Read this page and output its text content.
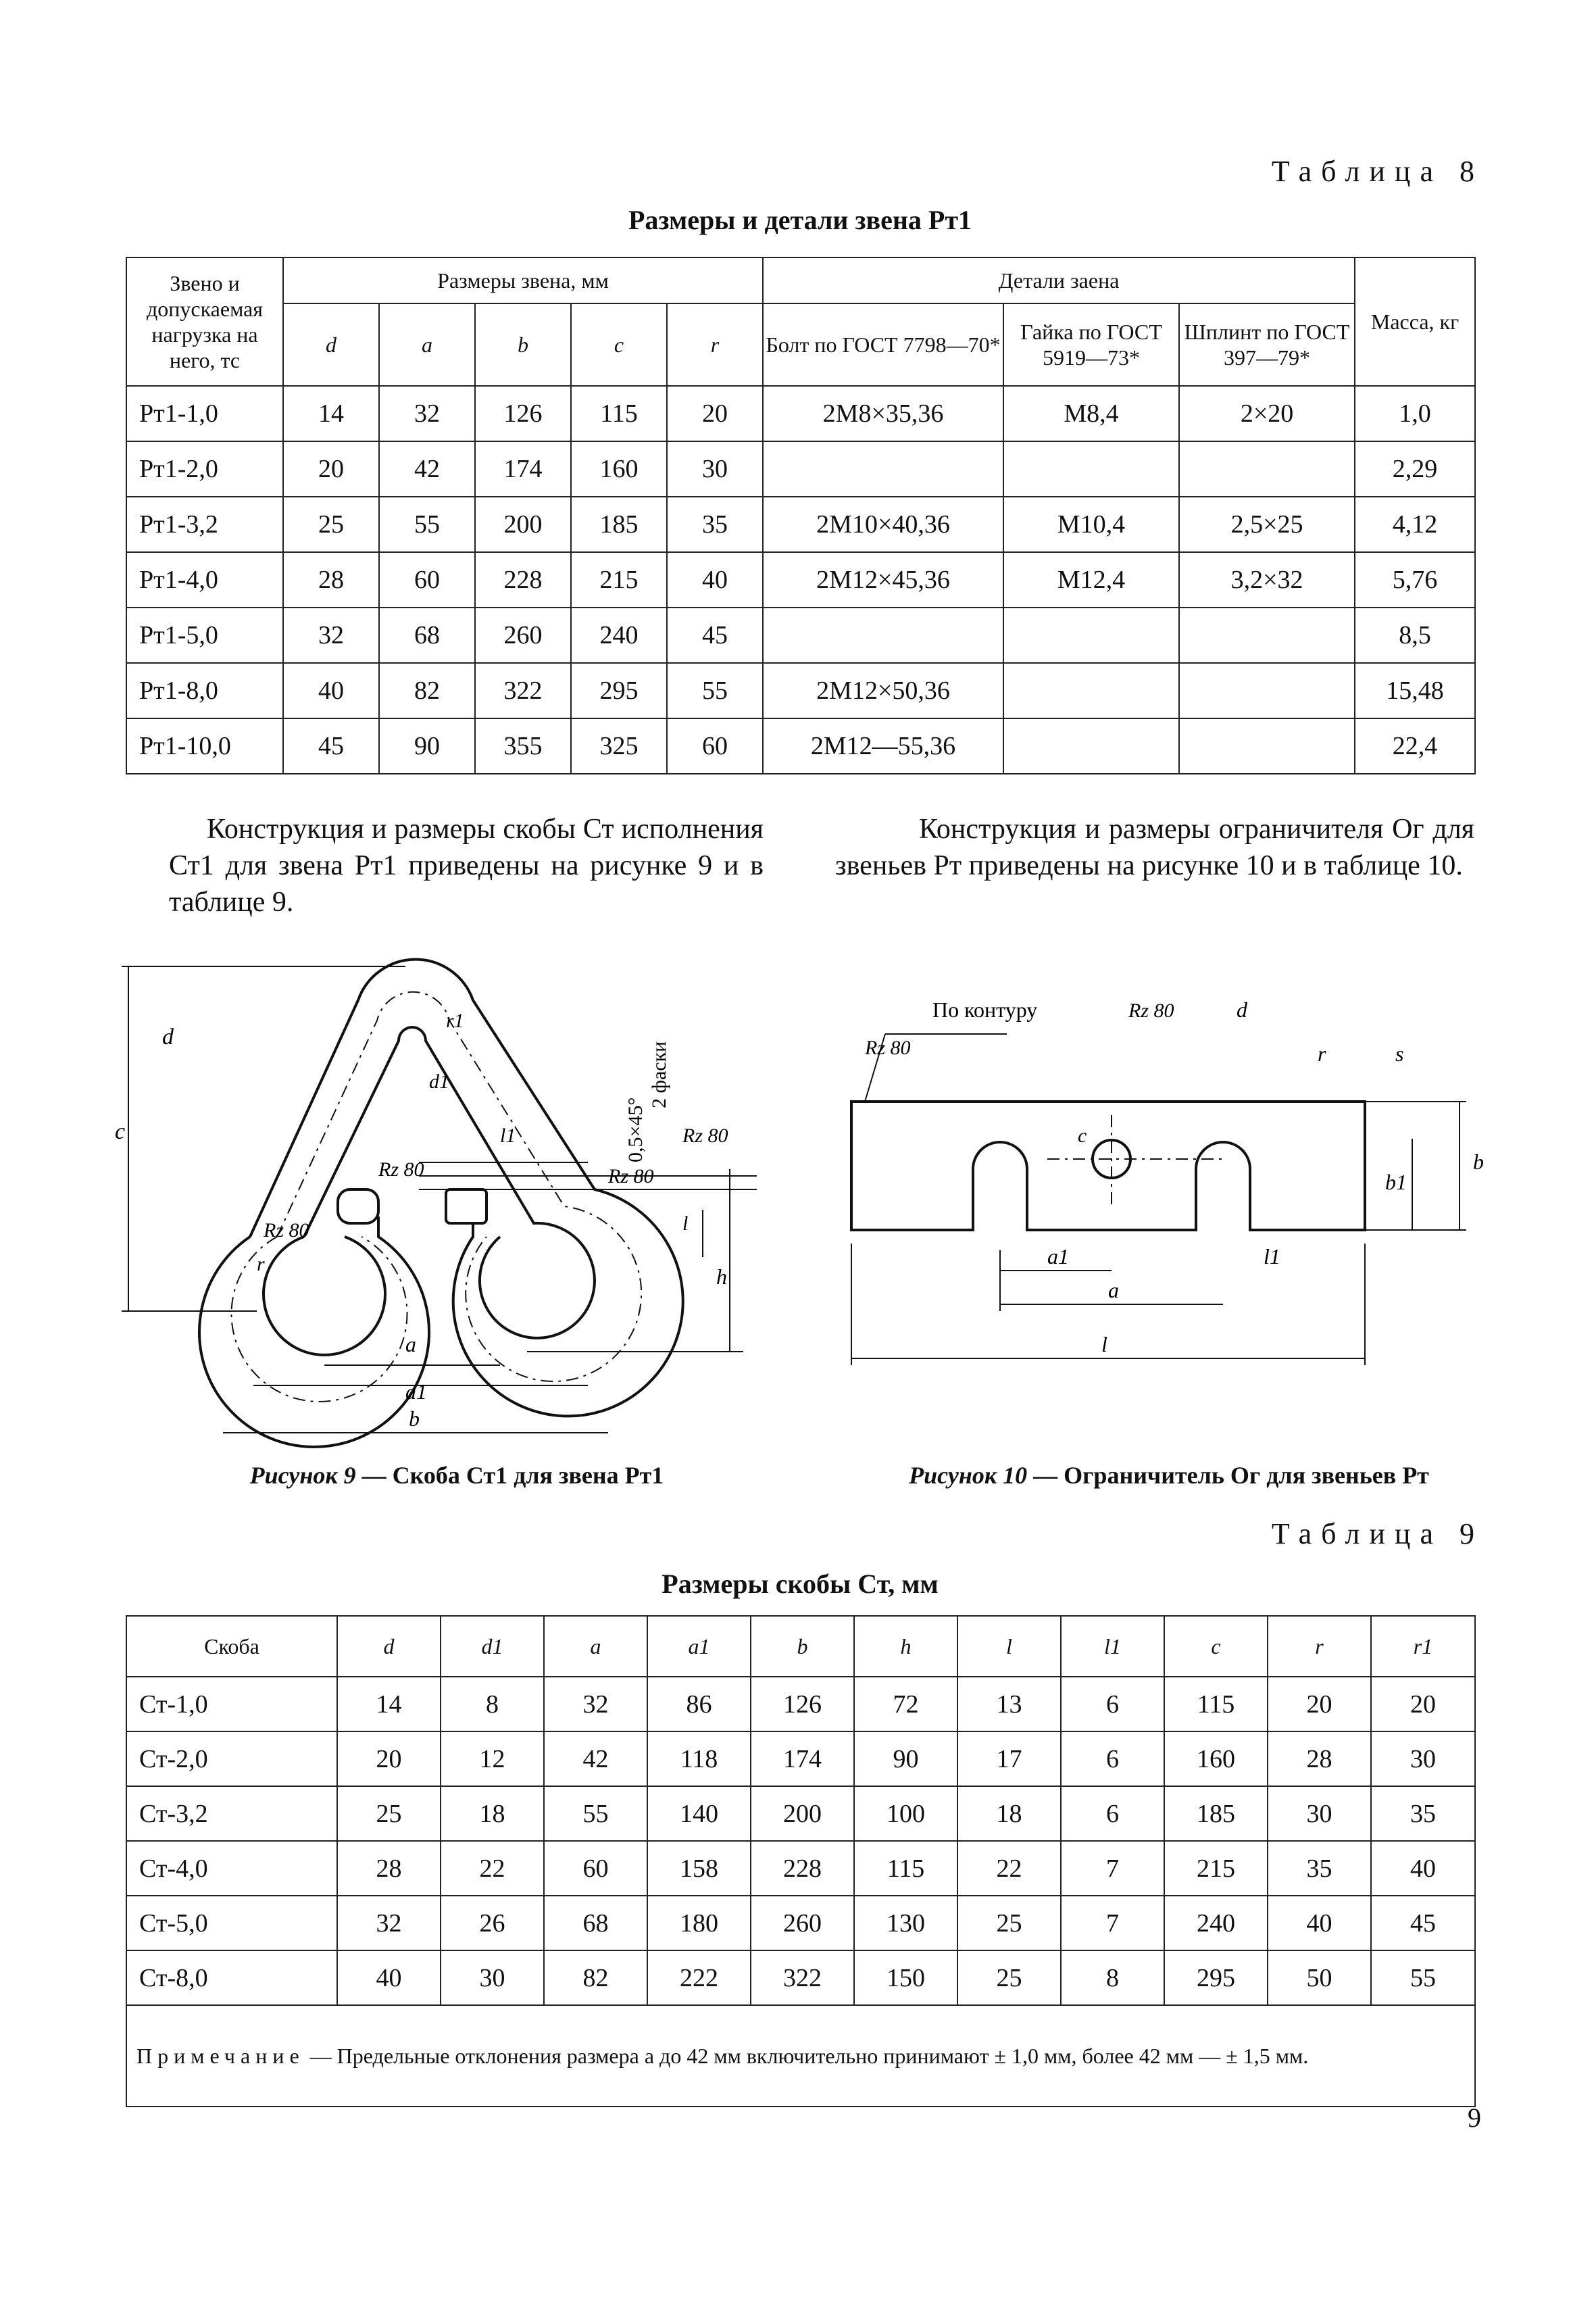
Таблица 8
Размеры и детали звена Рт1
Звено и допускаемая нагрузка на него, тс	Размеры звена, мм					Детали заена			Масса, кг
	d	a	b	c	r	Болт по ГОСТ 7798—70*	Гайка по ГОСТ 5919—73*	Шплинт по ГОСТ 397—79*	
Рт1-1,0	14	32	126	115	20	2М8×35,36	М8,4	2×20	1,0
Рт1-2,0	20	42	174	160	30				2,29
Рт1-3,2	25	55	200	185	35	2М10×40,36	М10,4	2,5×25	4,12
Рт1-4,0	28	60	228	215	40	2М12×45,36	М12,4	3,2×32	5,76
Рт1-5,0	32	68	260	240	45				8,5
Рт1-8,0	40	82	322	295	55	2М12×50,36			15,48
Рт1-10,0	45	90	355	325	60	2М12—55,36			22,4
Конструкция и размеры скобы Ст исполнения Ст1 для звена Рт1 приведены на рисунке 9 и в таблице 9.
Конструкция и размеры ограничителя Ог для звеньев Рт приведены на рисунке 10 и в таблице 10.
d
c
r1
d1
Rz 80	Rz 80
Rz 80
Rz 80
r
a
a1
b
h
l
l1	0,5×45°
2 фаски
Рисунок 9 — Скоба Ст1 для звена Рт1
По контуру	Rz 80
Rz 80
d
r	s
c
b
b1
a1
a
l
l1
Рисунок 10 — Ограничитель Ог для звеньев Рт
Таблица 9
Размеры скобы Ст, мм
Скоба	d	d1	a	a1	b	h	l	l1	c	r	r1
Ст-1,0	14	8	32	86	126	72	13	6	115	20	20
Ст-2,0	20	12	42	118	174	90	17	6	160	28	30
Ст-3,2	25	18	55	140	200	100	18	6	185	30	35
Ст-4,0	28	22	60	158	228	115	22	7	215	35	40
Ст-5,0	32	26	68	180	260	130	25	7	240	40	45
Ст-8,0	40	30	82	222	322	150	25	8	295	50	55
Примечание — Предельные отклонения размера a до 42 мм включительно принимают ± 1,0 мм, более 42 мм — ± 1,5 мм.											
9
